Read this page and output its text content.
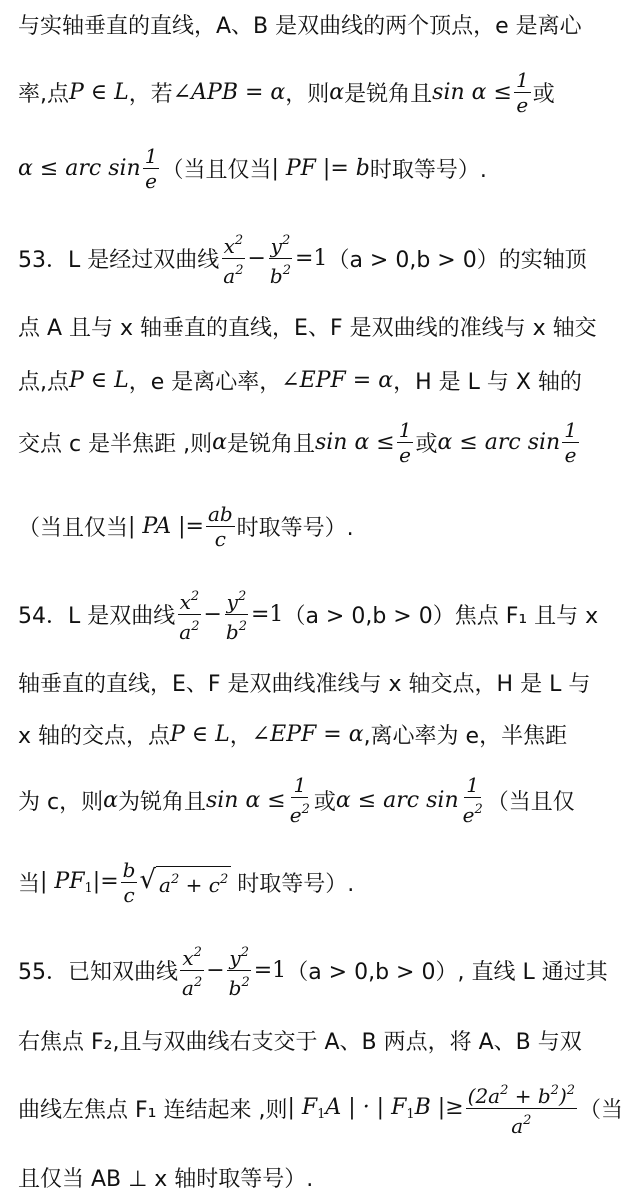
与实轴垂直的直线，A、B 是双曲线的两个顶点，e 是离心
率,点 P ∈ L ，若 ∠APB = α ，则 α 是锐角且 $\sin \alpha \le \frac{1}{e}$ 或
α ≤ arc $\sin \frac{1}{e}$ （当且仅当 | PF |= b 时取等号）.
53．L 是经过双曲线 $\frac{x^2}{a^2} - \frac{y^2}{b^2} =1$ （a > 0,b > 0）的实轴顶
点 A 且与 x 轴垂直的直线，E、F 是双曲线的准线与 x 轴交
点,点 P ∈ L ，e 是离心率， ∠EPF = α ，H 是 L 与 X 轴的
交点 c 是半焦距 ,则 α 是锐角且 $\sin \alpha \le \frac{1}{e}$ 或 α ≤ arc $\sin \frac{1}{e}$
（当且仅当 | PA |= $\frac{ab}{c}$ 时取等号）.
54．L 是双曲线 $\frac{x^2}{a^2} - \frac{y^2}{b^2} =1$ （a > 0,b > 0）焦点 F₁ 且与 x
轴垂直的直线，E、F 是双曲线准线与 x 轴交点，H 是 L 与
x 轴的交点，点 P ∈ L ， ∠EPF = α ,离心率为 e，半焦距
为 c，则 α 为锐角且 $\sin \alpha \le \frac{1}{e^2}$ 或 α ≤ arc $\sin \frac{1}{e^2}$ （当且仅
当 | $PF_1|= \frac{b}{c}$ √ $a^2 + c^2$ 时取等号）.
55．已知双曲线 $\frac{x^2}{a^2} - \frac{y^2}{b^2} =1$ （a > 0,b > 0）, 直线 L 通过其
右焦点 F₂,且与双曲线右支交于 A、B 两点，将 A、B 与双
曲线左焦点 F₁ 连结起来 ,则 | $F_1A$ | · | $F_1B$ |≥ $\frac{(2a^2 + b^2)^2}{a^2}$ （当
且仅当 AB ⊥ x 轴时取等号）.
